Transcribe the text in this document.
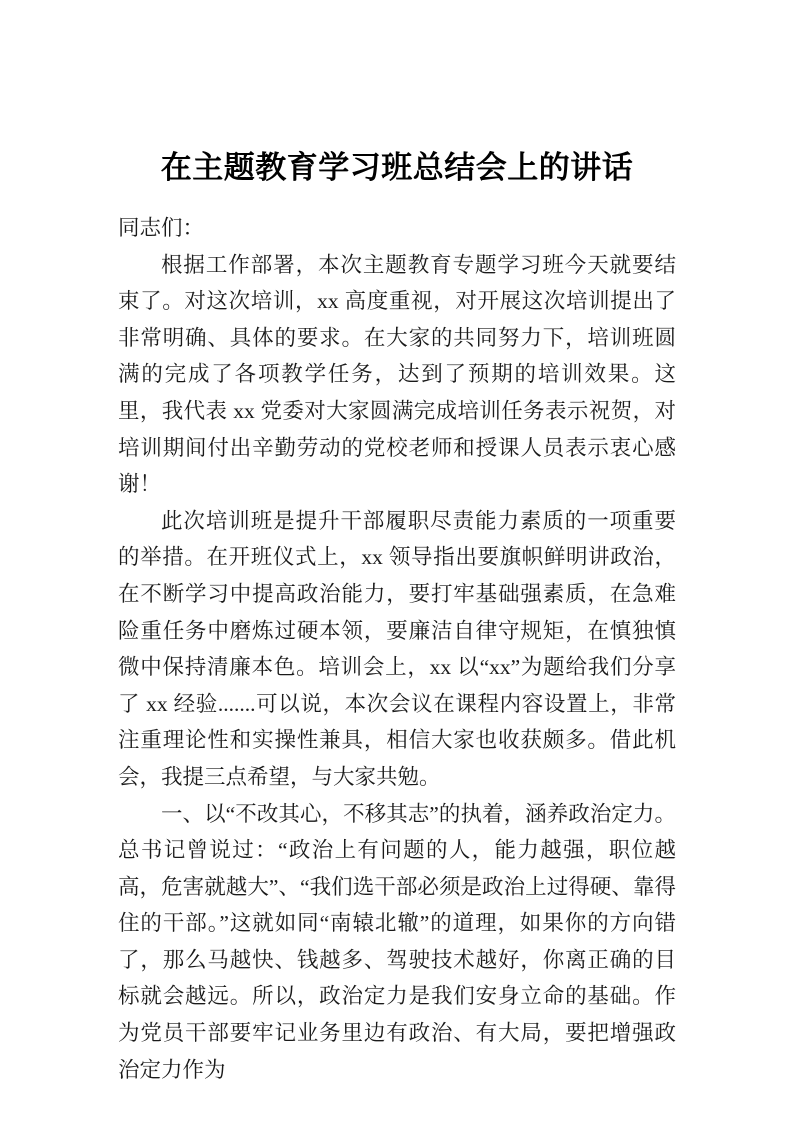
在主题教育学习班总结会上的讲话

同志们：

根据工作部署，本次主题教育专题学习班今天就要结束了。对这次培训，xx 高度重视，对开展这次培训提出了非常明确、具体的要求。在大家的共同努力下，培训班圆满的完成了各项教学任务，达到了预期的培训效果。这里，我代表 xx 党委对大家圆满完成培训任务表示祝贺，对培训期间付出辛勤劳动的党校老师和授课人员表示衷心感谢！

此次培训班是提升干部履职尽责能力素质的一项重要的举措。在开班仪式上，xx 领导指出要旗帜鲜明讲政治，在不断学习中提高政治能力，要打牢基础强素质，在急难险重任务中磨炼过硬本领，要廉洁自律守规矩，在慎独慎微中保持清廉本色。培训会上，xx 以“xx”为题给我们分享了 xx 经验.......可以说，本次会议在课程内容设置上，非常注重理论性和实操性兼具，相信大家也收获颇多。借此机会，我提三点希望，与大家共勉。

一、以“不改其心，不移其志”的执着，涵养政治定力。总书记曾说过：“政治上有问题的人，能力越强，职位越高，危害就越大”、“我们选干部必须是政治上过得硬、靠得住的干部。”这就如同“南辕北辙”的道理，如果你的方向错了，那么马越快、钱越多、驾驶技术越好，你离正确的目标就会越远。所以，政治定力是我们安身立命的基础。作为党员干部要牢记业务里边有政治、有大局，要把增强政治定力作为
